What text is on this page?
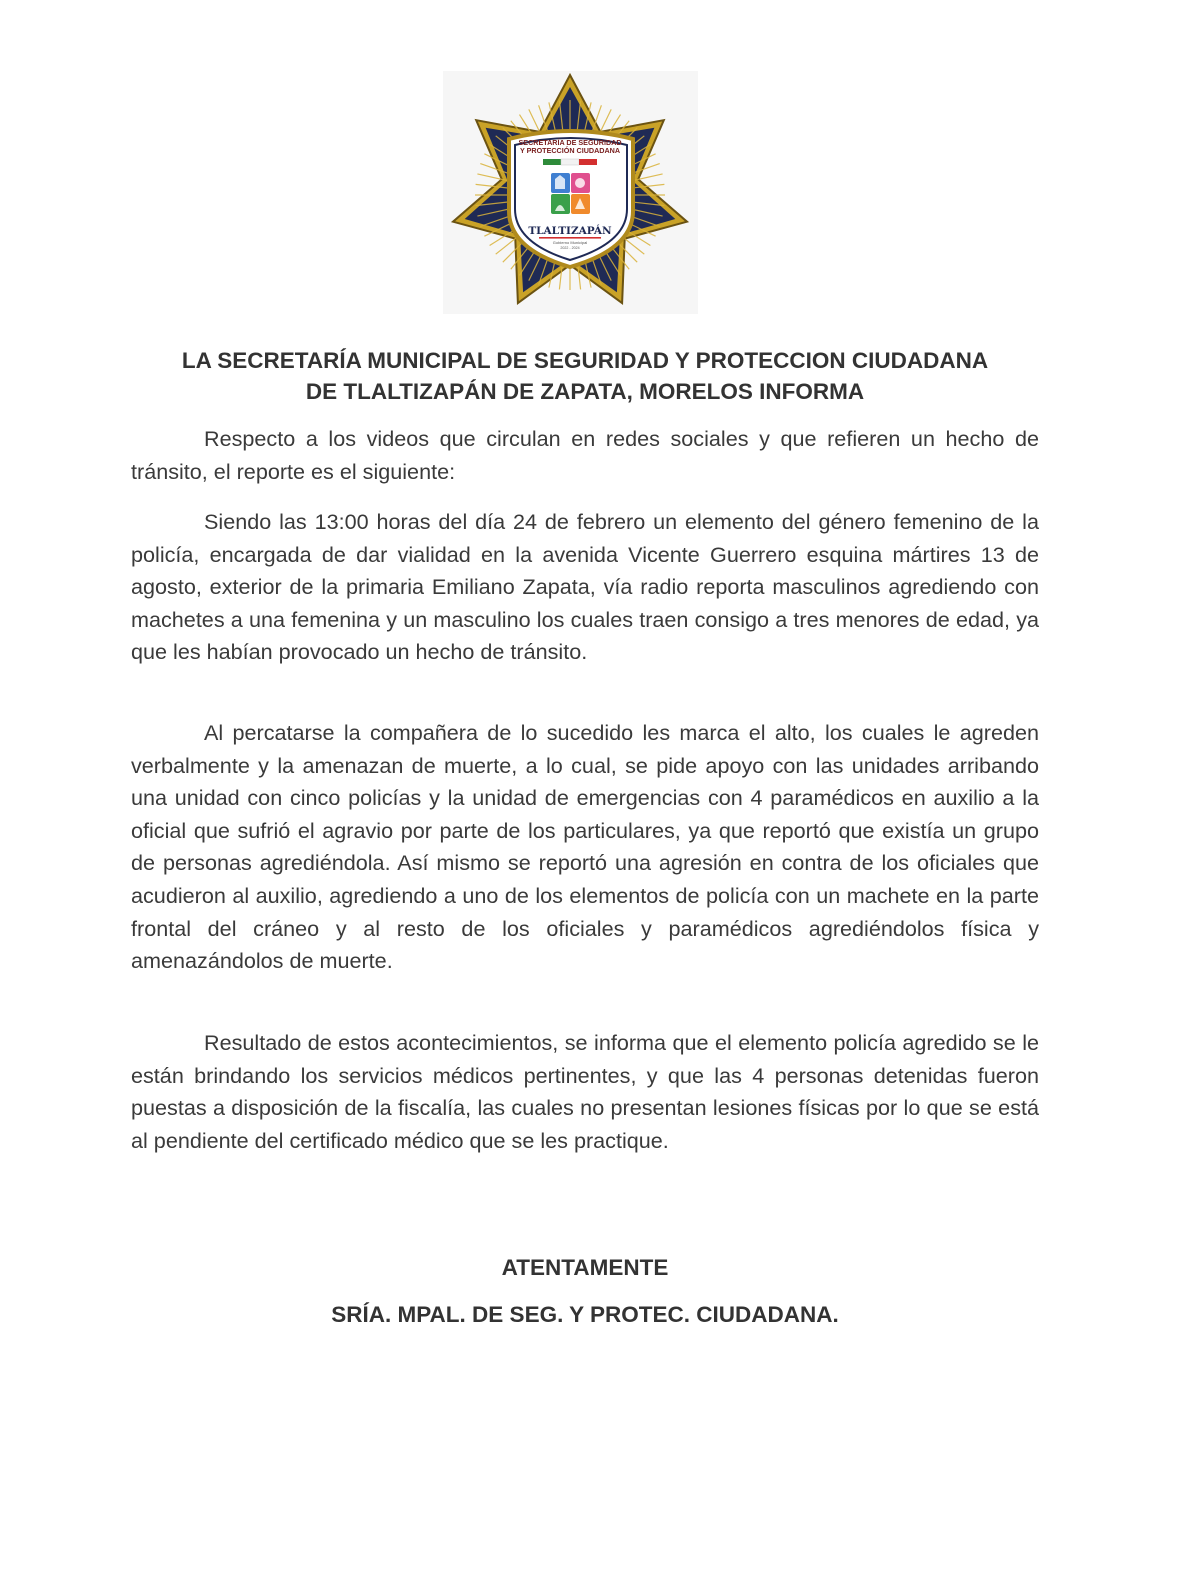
SECRETARÍA DE SEGURIDAD
Y PROTECCIÓN CIUDADANA
TLALTIZAPÁN
Gobierno Municipal
2022 - 2024
LA SECRETARÍA MUNICIPAL DE SEGURIDAD Y PROTECCION CIUDADANA
DE TLALTIZAPÁN DE ZAPATA, MORELOS INFORMA

Respecto a los videos que circulan en redes sociales y que refieren un hecho de tránsito, el reporte es el siguiente:

Siendo las 13:00 horas del día 24 de febrero un elemento del género femenino de la policía, encargada de dar vialidad en la avenida Vicente Guerrero esquina mártires 13 de agosto, exterior de la primaria Emiliano Zapata, vía radio reporta masculinos agrediendo con machetes a una femenina y un masculino los cuales traen consigo a tres menores de edad, ya que les habían provocado un hecho de tránsito.

Al percatarse la compañera de lo sucedido les marca el alto, los cuales le agreden verbalmente y la amenazan de muerte, a lo cual, se pide apoyo con las unidades arribando una unidad con cinco policías y la unidad de emergencias con 4 paramédicos en auxilio a la oficial que sufrió el agravio por parte de los particulares, ya que reportó que existía un grupo de personas agrediéndola. Así mismo se reportó una agresión en contra de los oficiales que acudieron al auxilio, agrediendo a uno de los elementos de policía con un machete en la parte frontal del cráneo y al resto de los oficiales y paramédicos agrediéndolos física y amenazándolos de muerte.

Resultado de estos acontecimientos, se informa que el elemento policía agredido se le están brindando los servicios médicos pertinentes, y que las 4 personas detenidas fueron puestas a disposición de la fiscalía, las cuales no presentan lesiones físicas por lo que se está al pendiente del certificado médico que se les practique.

ATENTAMENTE

SRÍA. MPAL. DE SEG. Y PROTEC. CIUDADANA.
